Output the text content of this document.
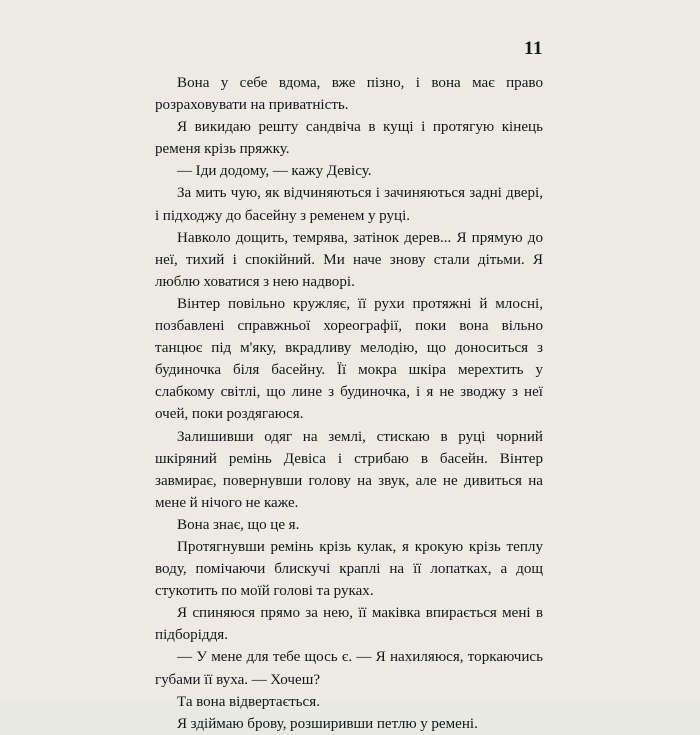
11

Вона у себе вдома, вже пізно, і вона має право розраховувати на приватність.

Я викидаю решту сандвіча в кущі і протягую кінець ременя крізь пряжку.

— Іди додому, — кажу Девісу.

За мить чую, як відчиняються і зачиняються задні двері, і підходжу до басейну з ременем у руці.

Навколо дощить, темрява, затінок дерев... Я прямую до неї, тихий і спокійний. Ми наче знову стали дітьми. Я люблю ховатися з нею надворі.

Вінтер повільно кружляє, її рухи протяжні й млосні, позбавлені справжньої хореографії, поки вона вільно танцює під м'яку, вкрадливу мелодію, що доноситься з будиночка біля басейну. Її мокра шкіра мерехтить у слабкому світлі, що лине з будиночка, і я не зводжу з неї очей, поки роздягаюся.

Залишивши одяг на землі, стискаю в руці чорний шкіряний ремінь Девіса і стрибаю в басейн. Вінтер завмирає, повернувши голову на звук, але не дивиться на мене й нічого не каже.

Вона знає, що це я.

Протягнувши ремінь крізь кулак, я крокую крізь теплу воду, помічаючи блискучі краплі на її лопатках, а дощ стукотить по моїй голові та руках.

Я спиняюся прямо за нею, її маківка впирається мені в підборіддя.

— У мене для тебе щось є. — Я нахиляюся, торкаючись губами її вуха. — Хочеш?

Та вона відвертається.

Я здіймаю брову, розширивши петлю у ремені.
